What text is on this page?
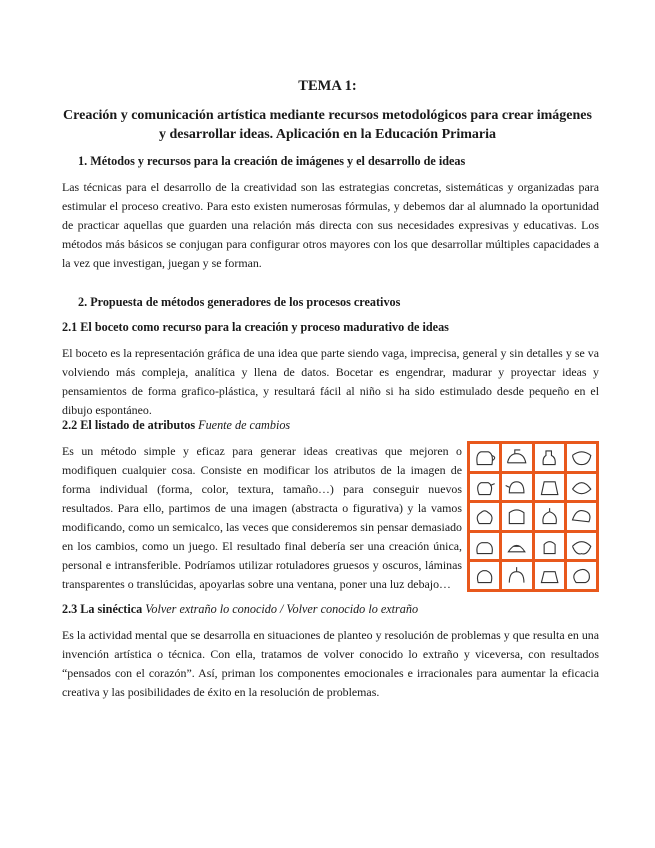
TEMA 1:
Creación y comunicación artística mediante recursos metodológicos para crear imágenes y desarrollar ideas. Aplicación en la Educación Primaria
1. Métodos y recursos para la creación de imágenes y el desarrollo de ideas
Las técnicas para el desarrollo de la creatividad son las estrategias concretas, sistemáticas y organizadas para estimular el proceso creativo. Para esto existen numerosas fórmulas, y debemos dar al alumnado la oportunidad de practicar aquellas que guarden una relación más directa con sus necesidades expresivas y educativas. Los métodos más básicos se conjugan para configurar otros mayores con los que desarrollar múltiples capacidades a la vez que investigan, juegan y se forman.
2. Propuesta de métodos generadores de los procesos creativos
2.1 El boceto como recurso para la creación y proceso madurativo de ideas
El boceto es la representación gráfica de una idea que parte siendo vaga, imprecisa, general y sin detalles y se va volviendo más compleja, analítica y llena de datos. Bocetar es engendrar, madurar y proyectar ideas y pensamientos de forma grafico-plástica, y resultará fácil al niño si ha sido estimulado desde pequeño en el dibujo espontáneo.
2.2 El listado de atributos Fuente de cambios
Es un método simple y eficaz para generar ideas creativas que mejoren o modifiquen cualquier cosa. Consiste en modificar los atributos de la imagen de forma individual (forma, color, textura, tamaño…) para conseguir nuevos resultados. Para ello, partimos de una imagen (abstracta o figurativa) y la vamos modificando, como un semicalco, las veces que consideremos sin pensar demasiado en los cambios, como un juego. El resultado final debería ser una creación única, personal e intransferible. Podríamos utilizar rotuladores gruesos y oscuros, láminas transparentes o translúcidas, apoyarlas sobre una ventana, poner una luz debajo…
2.3 La sinéctica Volver extraño lo conocido / Volver conocido lo extraño
Es la actividad mental que se desarrolla en situaciones de planteo y resolución de problemas y que resulta en una invención artística o técnica. Con ella, tratamos de volver conocido lo extraño y viceversa, con resultados “pensados con el corazón”. Así, priman los componentes emocionales e irracionales para aumentar la eficacia creativa y las posibilidades de éxito en la resolución de problemas.
